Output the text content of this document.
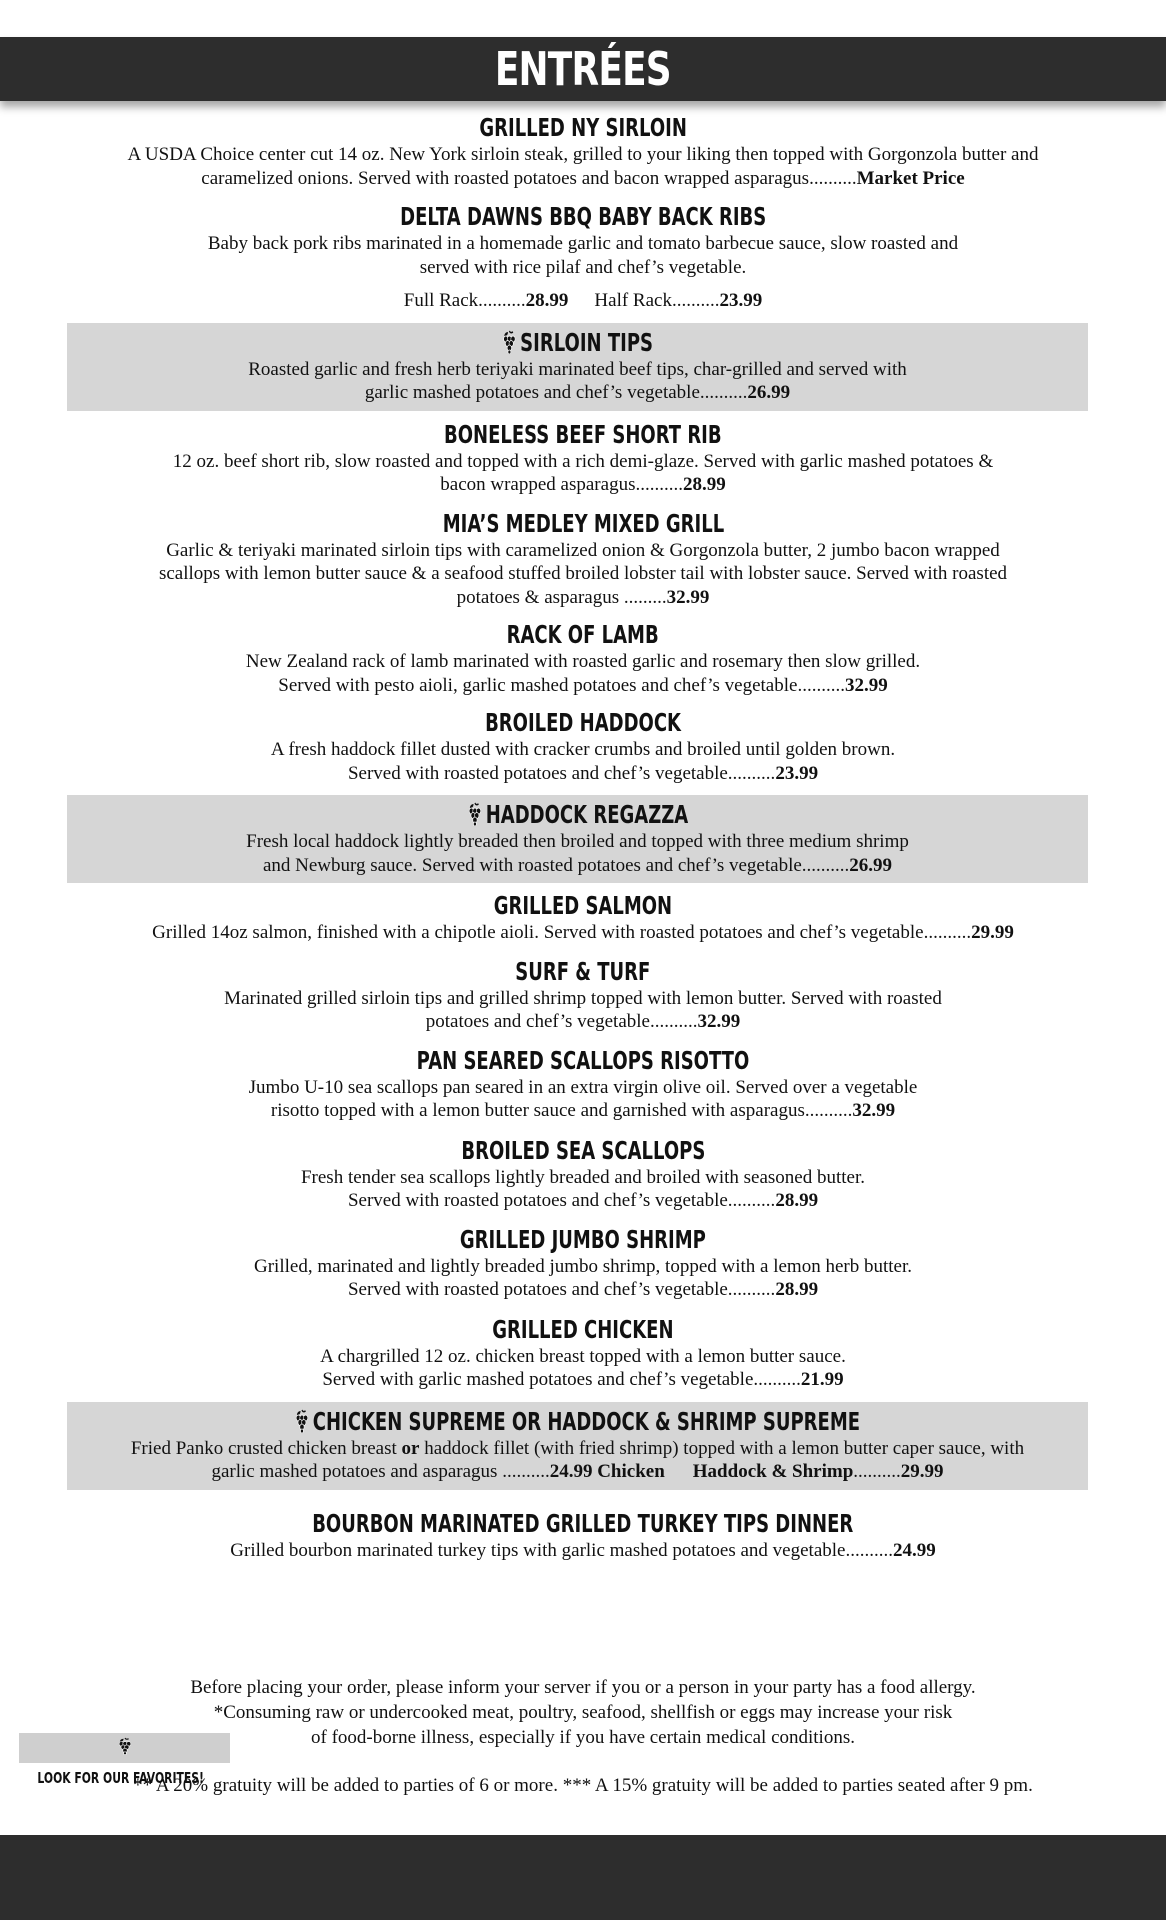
ENTRÉES
GRILLED NY SIRLOIN
A USDA Choice center cut 14 oz. New York sirloin steak, grilled to your liking then topped with Gorgonzola butter and
caramelized onions. Served with roasted potatoes and bacon wrapped asparagus..........Market Price
DELTA DAWNS BBQ BABY BACK RIBS
Baby back pork ribs marinated in a homemade garlic and tomato barbecue sauce, slow roasted and
served with rice pilaf and chef’s vegetable.
Full Rack..........28.99 Half Rack..........23.99
SIRLOIN TIPS
Roasted garlic and fresh herb teriyaki marinated beef tips, char-grilled and served with
garlic mashed potatoes and chef’s vegetable..........26.99
BONELESS BEEF SHORT RIB
12 oz. beef short rib, slow roasted and topped with a rich demi-glaze. Served with garlic mashed potatoes &
bacon wrapped asparagus..........28.99
MIA’S MEDLEY MIXED GRILL
Garlic & teriyaki marinated sirloin tips with caramelized onion & Gorgonzola butter, 2 jumbo bacon wrapped
scallops with lemon butter sauce & a seafood stuffed broiled lobster tail with lobster sauce. Served with roasted
potatoes & asparagus .........32.99
RACK OF LAMB
New Zealand rack of lamb marinated with roasted garlic and rosemary then slow grilled.
Served with pesto aioli, garlic mashed potatoes and chef’s vegetable..........32.99
BROILED HADDOCK
A fresh haddock fillet dusted with cracker crumbs and broiled until golden brown.
Served with roasted potatoes and chef’s vegetable..........23.99
HADDOCK REGAZZA
Fresh local haddock lightly breaded then broiled and topped with three medium shrimp
and Newburg sauce. Served with roasted potatoes and chef’s vegetable..........26.99
GRILLED SALMON
Grilled 14oz salmon, finished with a chipotle aioli. Served with roasted potatoes and chef’s vegetable..........29.99
SURF & TURF
Marinated grilled sirloin tips and grilled shrimp topped with lemon butter. Served with roasted
potatoes and chef’s vegetable..........32.99
PAN SEARED SCALLOPS RISOTTO
Jumbo U-10 sea scallops pan seared in an extra virgin olive oil. Served over a vegetable
risotto topped with a lemon butter sauce and garnished with asparagus..........32.99
BROILED SEA SCALLOPS
Fresh tender sea scallops lightly breaded and broiled with seasoned butter.
Served with roasted potatoes and chef’s vegetable..........28.99
GRILLED JUMBO SHRIMP
Grilled, marinated and lightly breaded jumbo shrimp, topped with a lemon herb butter.
Served with roasted potatoes and chef’s vegetable..........28.99
GRILLED CHICKEN
A chargrilled 12 oz. chicken breast topped with a lemon butter sauce.
Served with garlic mashed potatoes and chef’s vegetable..........21.99
CHICKEN SUPREME OR HADDOCK & SHRIMP SUPREME
Fried Panko crusted chicken breast or haddock fillet (with fried shrimp) topped with a lemon butter caper sauce, with
garlic mashed potatoes and asparagus ..........24.99 Chicken Haddock & Shrimp..........29.99
BOURBON MARINATED GRILLED TURKEY TIPS DINNER
Grilled bourbon marinated turkey tips with garlic mashed potatoes and vegetable..........24.99
Before placing your order, please inform your server if you or a person in your party has a food allergy.
*Consuming raw or undercooked meat, poultry, seafood, shellfish or eggs may increase your risk
of food-borne illness, especially if you have certain medical conditions.
LOOK FOR OUR FAVORITES!
** A 20% gratuity will be added to parties of 6 or more. *** A 15% gratuity will be added to parties seated after 9 pm.
